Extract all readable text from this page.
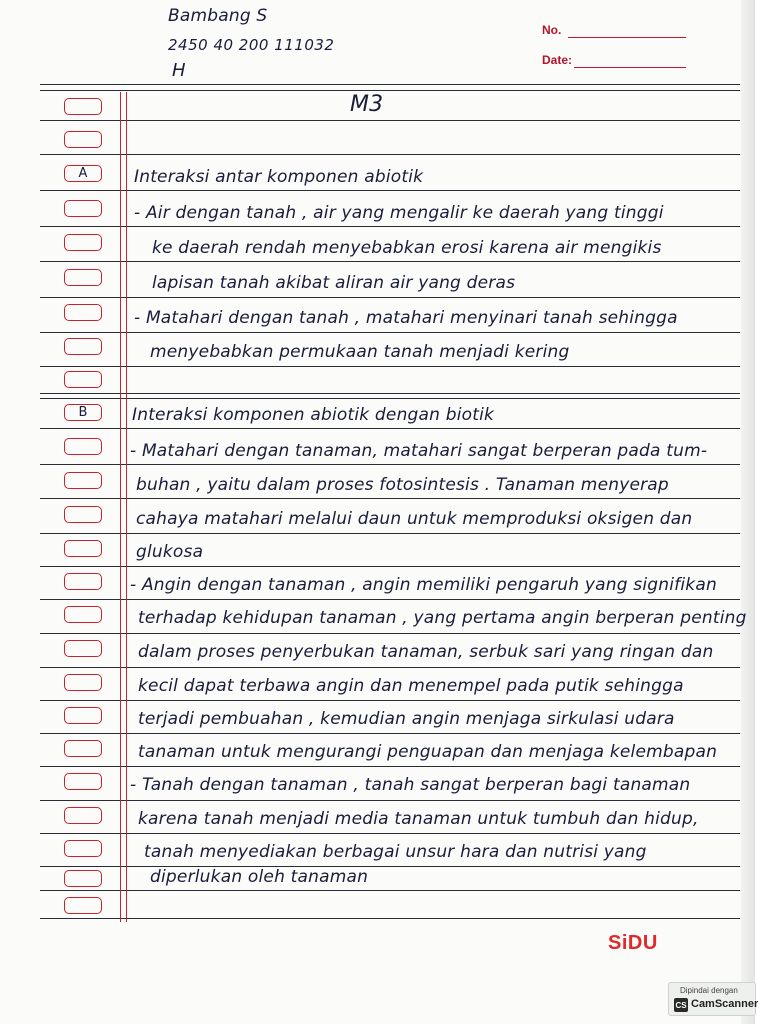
Bambang S
2450 40 200 111032
H
No.
Date:
A
B
M3
Interaksi antar komponen abiotik
- Air dengan tanah , air yang mengalir ke daerah yang tinggi
ke daerah rendah menyebabkan erosi karena air mengikis
lapisan tanah akibat aliran air yang deras
- Matahari dengan tanah , matahari menyinari tanah sehingga
menyebabkan permukaan tanah menjadi kering
Interaksi komponen abiotik dengan biotik
- Matahari dengan tanaman, matahari sangat berperan pada tum-
buhan , yaitu dalam proses fotosintesis . Tanaman menyerap
cahaya matahari melalui daun untuk memproduksi oksigen dan
glukosa
- Angin dengan tanaman , angin memiliki pengaruh yang signifikan
terhadap kehidupan tanaman , yang pertama angin berperan penting
dalam proses penyerbukan tanaman, serbuk sari yang ringan dan
kecil dapat terbawa angin dan menempel pada putik sehingga
terjadi pembuahan , kemudian angin menjaga sirkulasi udara
tanaman untuk mengurangi penguapan dan menjaga kelembapan
- Tanah dengan tanaman , tanah sangat berperan bagi tanaman
karena tanah menjadi media tanaman untuk tumbuh dan hidup,
tanah menyediakan berbagai unsur hara dan nutrisi yang
diperlukan oleh tanaman
SiDU
Dipindai dengan
CS CamScanner
